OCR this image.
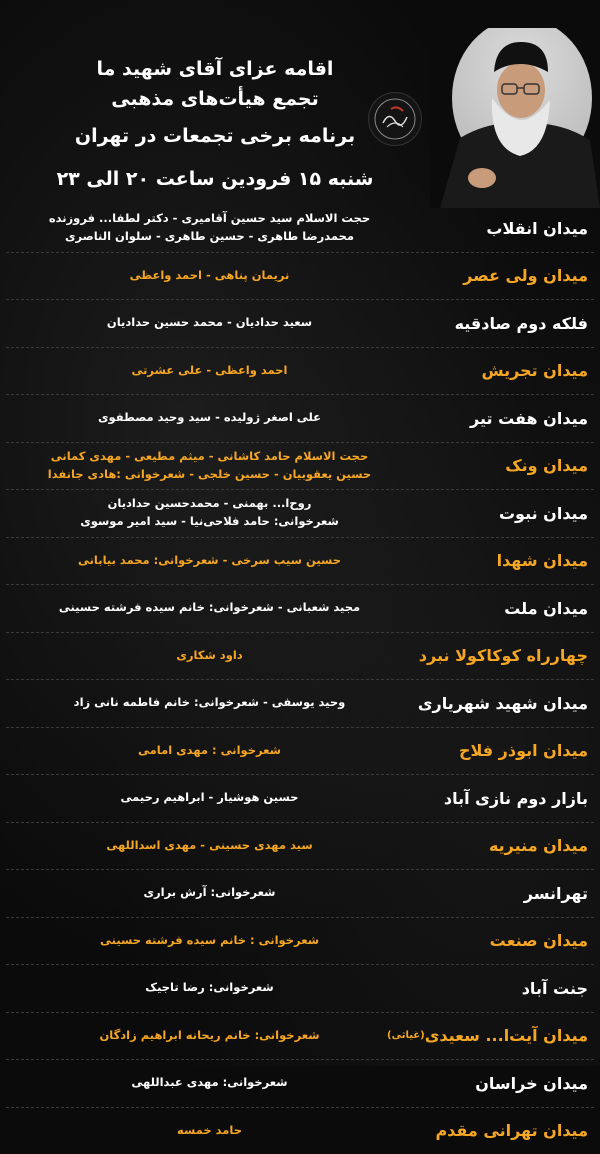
اقامه عزای آقای شهید ما
تجمع هیأت‌های مذهبی
برنامه برخی تجمعات در تهران
شنبه ۱۵ فرودین ساعت ۲۰ الی ۲۳
میدان انقلاب
حجت الاسلام سید حسین آقامیری - دکتر لطفا... فروزنده
محمدرضا طاهری - حسین طاهری - سلوان الناصری
میدان ولی عصر
نریمان پناهی - احمد واعظی
فلکه دوم صادقیه
سعید حدادیان - محمد حسین حدادیان
میدان تجریش
احمد واعظی - علی عشرتی
میدان هفت تیر
علی اصغر ژولیده - سید وحید مصطفوی
میدان ونک
حجت الاسلام حامد کاشانی - میثم مطیعی - مهدی کمانی
حسین یعقوبیان - حسین خلجی - شعرخوانی :هادی جانفدا
میدان نبوت
روح‌ا... بهمنی - محمدحسین حدادیان
شعرخوانی: حامد فلاحی‌نیا - سید امیر موسوی
میدان شهدا
حسین سیب سرخی - شعرخوانی: محمد بیابانی
میدان ملت
مجید شعبانی - شعرخوانی: خانم سیده فرشته حسینی
چهارراه کوکاکولا نبرد
داود شکاری
میدان شهید شهریاری
وحید یوسفی - شعرخوانی: خانم فاطمه نانی زاد
میدان ابوذر فلاح
شعرخوانی : مهدی امامی
بازار دوم نازی آباد
حسین هوشیار - ابراهیم رحیمی
میدان منیریه
سید مهدی حسینی - مهدی اسداللهی
تهرانسر
شعرخوانی: آرش براری
میدان صنعت
شعرخوانی : خانم سیده فرشته حسینی
جنت آباد
شعرخوانی: رضا تاجیک
میدان آیت‌ا... سعیدی
(غیاثی)
شعرخوانی: خانم ریحانه ابراهیم زادگان
میدان خراسان
شعرخوانی: مهدی عبداللهی
میدان تهرانی مقدم
حامد خمسه
